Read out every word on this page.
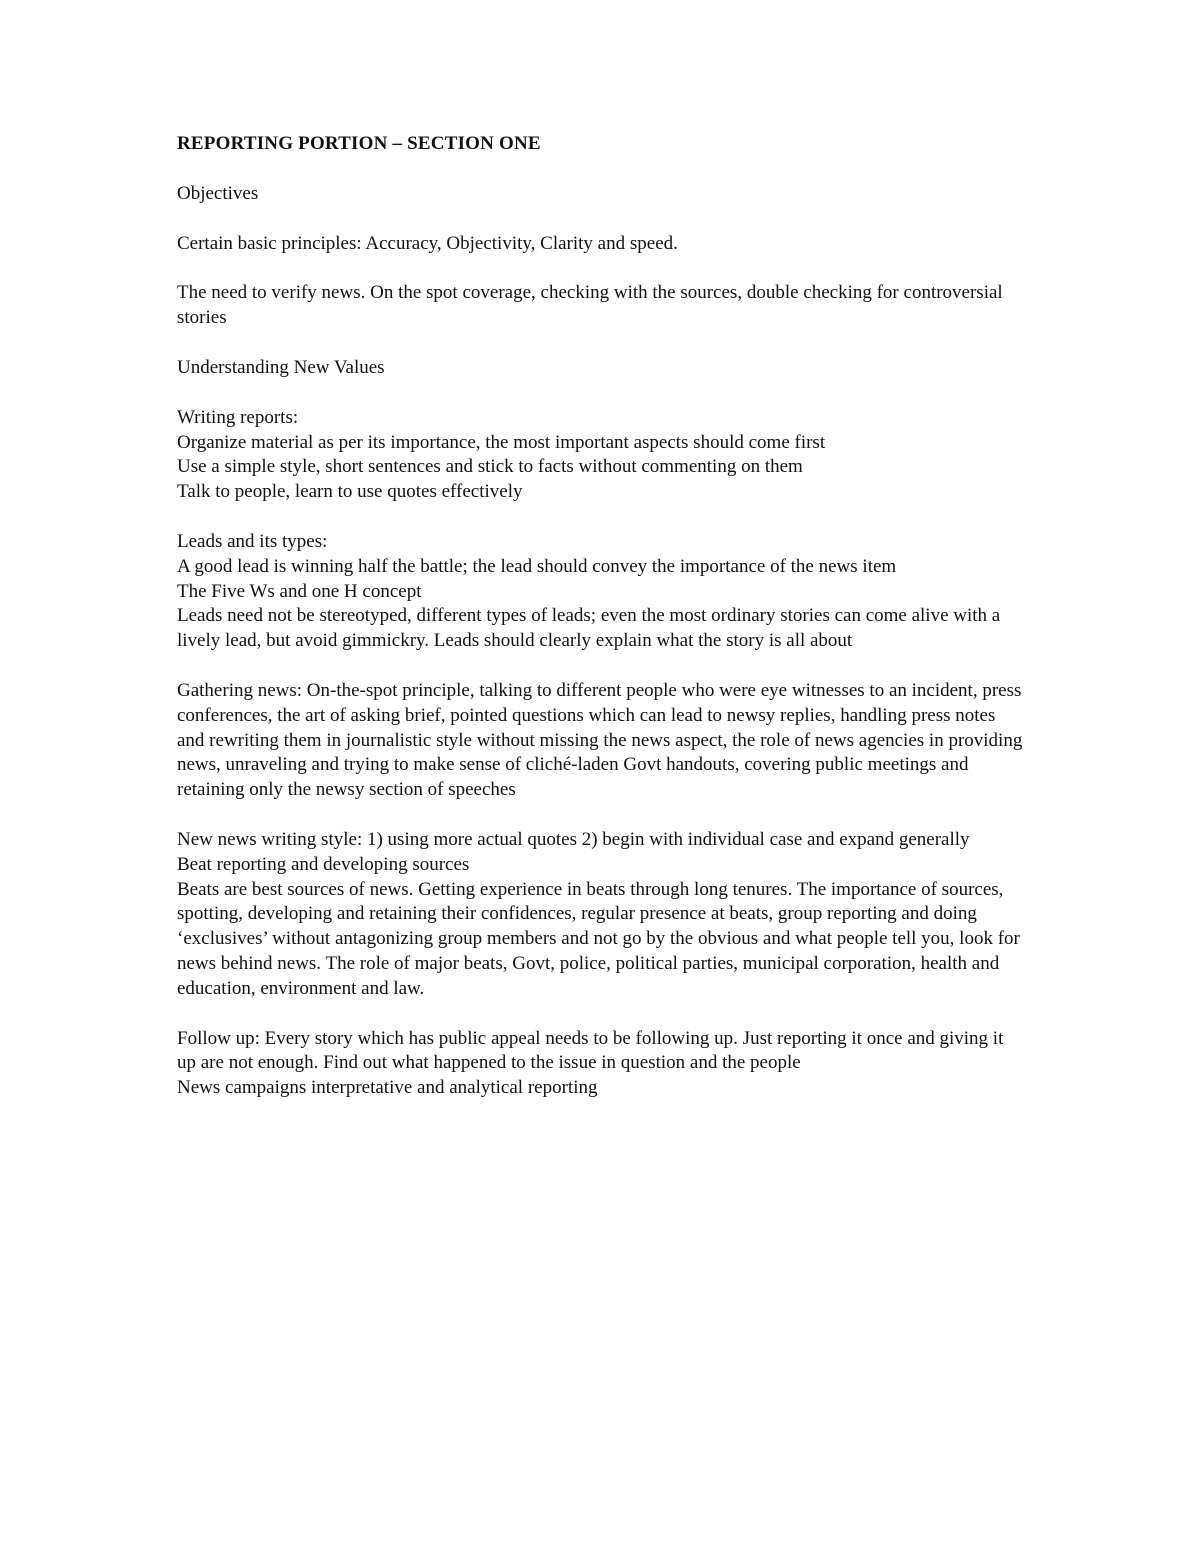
REPORTING PORTION – SECTION ONE
Objectives
Certain basic principles: Accuracy, Objectivity, Clarity and speed.
The need to verify news. On the spot coverage, checking with the sources, double checking for controversial stories
Understanding New Values
Writing reports:
Organize material as per its importance, the most important aspects should come first
Use a simple style, short sentences and stick to facts without commenting on them
Talk to people, learn to use quotes effectively
Leads and its types:
A good lead is winning half the battle; the lead should convey the importance of the news item
The Five Ws and one H concept
Leads need not be stereotyped, different types of leads; even the most ordinary stories can come alive with a lively lead, but avoid gimmickry. Leads should clearly explain what the story is all about
Gathering news: On-the-spot principle, talking to different people who were eye witnesses to an incident, press conferences, the art of asking brief, pointed questions which can lead to newsy replies, handling press notes and rewriting them in journalistic style without missing the news aspect, the role of news agencies in providing news, unraveling and trying to make sense of cliché-laden Govt handouts, covering public meetings and retaining only the newsy section of speeches
New news writing style: 1) using more actual quotes 2) begin with individual case and expand generally
Beat reporting and developing sources
Beats are best sources of news. Getting experience in beats through long tenures. The importance of sources, spotting, developing and retaining their confidences, regular presence at beats, group reporting and doing ‘exclusives’ without antagonizing group members and not go by the obvious and what people tell you, look for news behind news. The role of major beats, Govt, police, political parties, municipal corporation, health and education, environment and law.
Follow up: Every story which has public appeal needs to be following up. Just reporting it once and giving it up are not enough. Find out what happened to the issue in question and the people
News campaigns interpretative and analytical reporting
